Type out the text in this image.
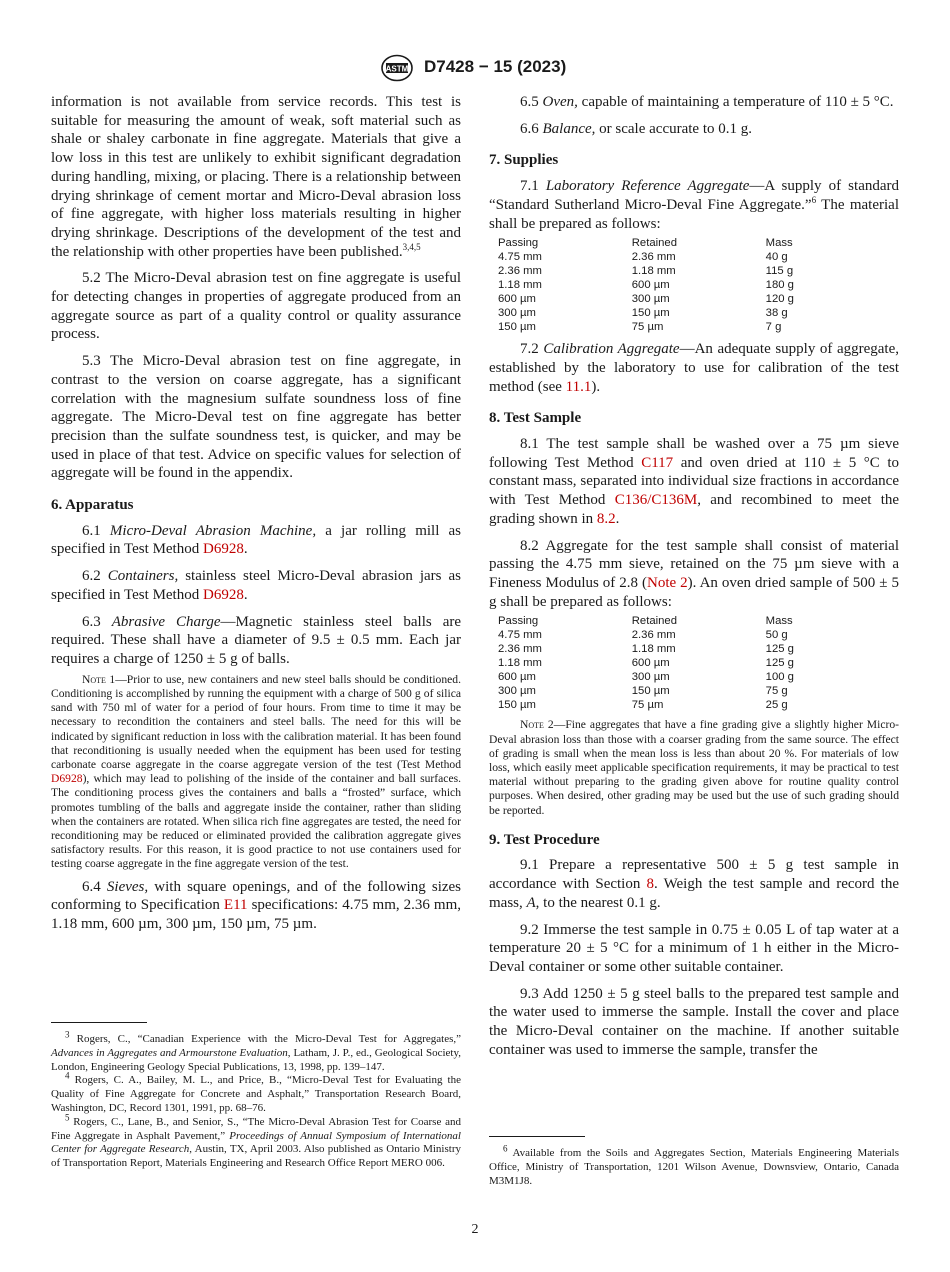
ASTM D7428 − 15 (2023)

information is not available from service records. This test is suitable for measuring the amount of weak, soft material such as shale or shaley carbonate in fine aggregate. Materials that give a low loss in this test are unlikely to exhibit significant degradation during handling, mixing, or placing. There is a relationship between drying shrinkage of cement mortar and Micro-Deval abrasion loss of fine aggregate, with higher loss materials resulting in higher drying shrinkage. Descriptions of the development of the test and the relationship with other properties have been published.$^{3,4,5}$

5.2 The Micro-Deval abrasion test on fine aggregate is useful for detecting changes in properties of aggregate produced from an aggregate source as part of a quality control or quality assurance process.

5.3 The Micro-Deval abrasion test on fine aggregate, in contrast to the version on coarse aggregate, has a significant correlation with the magnesium sulfate soundness loss of fine aggregate. The Micro-Deval test on fine aggregate has better precision than the sulfate soundness test, is quicker, and may be used in place of that test. Advice on specific values for selection of aggregate will be found in the appendix.

6. Apparatus

6.1 Micro-Deval Abrasion Machine, a jar rolling mill as specified in Test Method D6928.

6.2 Containers, stainless steel Micro-Deval abrasion jars as specified in Test Method D6928.

6.3 Abrasive Charge—Magnetic stainless steel balls are required. These shall have a diameter of 9.5 ± 0.5 mm. Each jar requires a charge of 1250 ± 5 g of balls.

Note 1—Prior to use, new containers and new steel balls should be conditioned. Conditioning is accomplished by running the equipment with a charge of 500 g of silica sand with 750 ml of water for a period of four hours. From time to time it may be necessary to recondition the containers and steel balls. The need for this will be indicated by significant reduction in loss with the calibration material. It has been found that reconditioning is usually needed when the equipment has been used for testing carbonate coarse aggregate in the coarse aggregate version of the test (Test Method D6928), which may lead to polishing of the inside of the container and ball surfaces. The conditioning process gives the containers and balls a “frosted” surface, which promotes tumbling of the balls and aggregate inside the container, rather than sliding when the containers are rotated. When silica rich fine aggregates are tested, the need for reconditioning may be reduced or eliminated provided the calibration aggregate gives satisfactory results. For this reason, it is good practice to not use containers used for testing coarse aggregate in the fine aggregate version of the test.

6.4 Sieves, with square openings, and of the following sizes conforming to Specification E11 specifications: 4.75 mm, 2.36 mm, 1.18 mm, 600 µm, 300 µm, 150 µm, 75 µm.

$^3$ Rogers, C., “Canadian Experience with the Micro-Deval Test for Aggregates,” Advances in Aggregates and Armourstone Evaluation, Latham, J. P., ed., Geological Society, London, Engineering Geology Special Publications, 13, 1998, pp. 139–147.

$^4$ Rogers, C. A., Bailey, M. L., and Price, B., “Micro-Deval Test for Evaluating the Quality of Fine Aggregate for Concrete and Asphalt,” Transportation Research Board, Washington, DC, Record 1301, 1991, pp. 68–76.

$^5$ Rogers, C., Lane, B., and Senior, S., “The Micro-Deval Abrasion Test for Coarse and Fine Aggregate in Asphalt Pavement,” Proceedings of Annual Symposium of International Center for Aggregate Research, Austin, TX, April 2003. Also published as Ontario Ministry of Transportation Report, Materials Engineering and Research Office Report MERO 006.

6.5 Oven, capable of maintaining a temperature of 110 ± 5 °C.

6.6 Balance, or scale accurate to 0.1 g.

7. Supplies

7.1 Laboratory Reference Aggregate—A supply of standard “Standard Sutherland Micro-Deval Fine Aggregate.”$^6$ The material shall be prepared as follows:

Passing	Retained	Mass
4.75 mm	2.36 mm	40 g
2.36 mm	1.18 mm	115 g
1.18 mm	600 µm	180 g
600 µm	300 µm	120 g
300 µm	150 µm	38 g
150 µm	75 µm	7 g

7.2 Calibration Aggregate—An adequate supply of aggregate, established by the laboratory to use for calibration of the test method (see 11.1).

8. Test Sample

8.1 The test sample shall be washed over a 75 µm sieve following Test Method C117 and oven dried at 110 ± 5 °C to constant mass, separated into individual size fractions in accordance with Test Method C136/C136M, and recombined to meet the grading shown in 8.2.

8.2 Aggregate for the test sample shall consist of material passing the 4.75 mm sieve, retained on the 75 µm sieve with a Fineness Modulus of 2.8 (Note 2). An oven dried sample of 500 ± 5 g shall be prepared as follows:

Passing	Retained	Mass
4.75 mm	2.36 mm	50 g
2.36 mm	1.18 mm	125 g
1.18 mm	600 µm	125 g
600 µm	300 µm	100 g
300 µm	150 µm	75 g
150 µm	75 µm	25 g

Note 2—Fine aggregates that have a fine grading give a slightly higher Micro-Deval abrasion loss than those with a coarser grading from the same source. The effect of grading is small when the mean loss is less than about 20 %. For materials of low loss, which easily meet applicable specification requirements, it may be practical to test material without preparing to the grading given above for routine quality control purposes. When desired, other grading may be used but the use of such grading should be reported.

9. Test Procedure

9.1 Prepare a representative 500 ± 5 g test sample in accordance with Section 8. Weigh the test sample and record the mass, A, to the nearest 0.1 g.

9.2 Immerse the test sample in 0.75 ± 0.05 L of tap water at a temperature 20 ± 5 °C for a minimum of 1 h either in the Micro-Deval container or some other suitable container.

9.3 Add 1250 ± 5 g steel balls to the prepared test sample and the water used to immerse the sample. Install the cover and place the Micro-Deval container on the machine. If another suitable container was used to immerse the sample, transfer the

$^6$ Available from the Soils and Aggregates Section, Materials Engineering Materials Office, Ministry of Transportation, 1201 Wilson Avenue, Downsview, Ontario, Canada M3M1J8.

2
